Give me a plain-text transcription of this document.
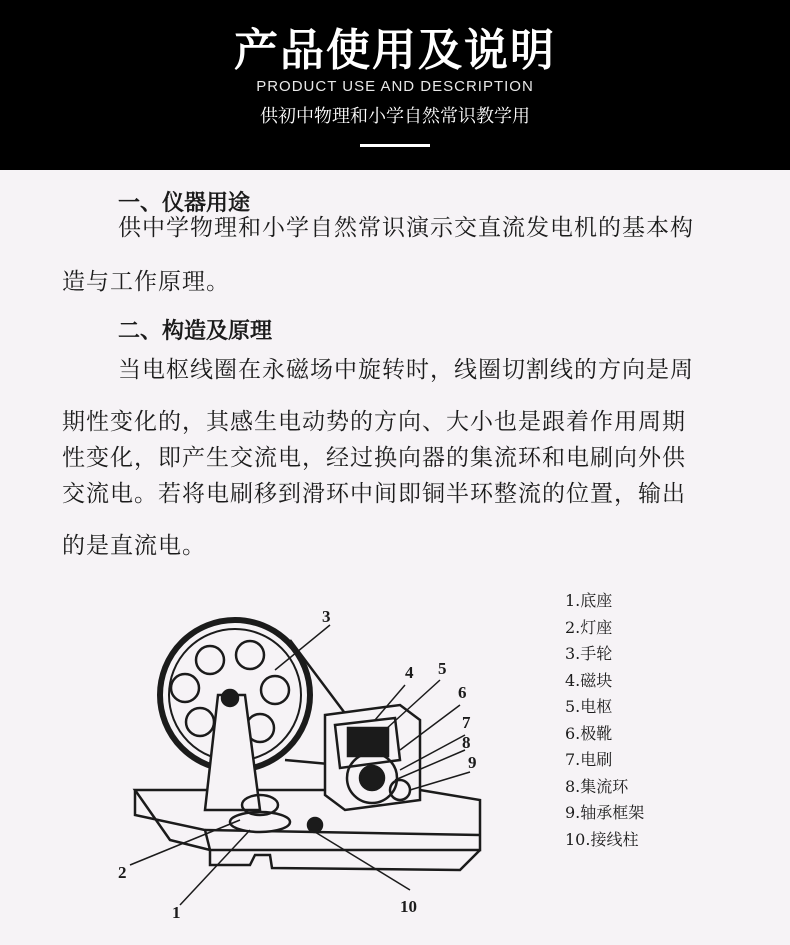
产品使用及说明
PRODUCT USE AND DESCRIPTION
供初中物理和小学自然常识教学用
一、仪器用途
供中学物理和小学自然常识演示交直流发电机的基本构
造与工作原理。
二、构造及原理
当电枢线圈在永磁场中旋转时，线圈切割线的方向是周
期性变化的，其感生电动势的方向、大小也是跟着作用周期
性变化，即产生交流电，经过换向器的集流环和电刷向外供
交流电。若将电刷移到滑环中间即铜半环整流的位置，输出
的是直流电。
3
4 5
6
7
8
9
10
1
2
1.底座
2.灯座
3.手轮
4.磁块
5.电枢
6.极靴
7.电刷
8.集流环
9.轴承框架
10.接线柱
